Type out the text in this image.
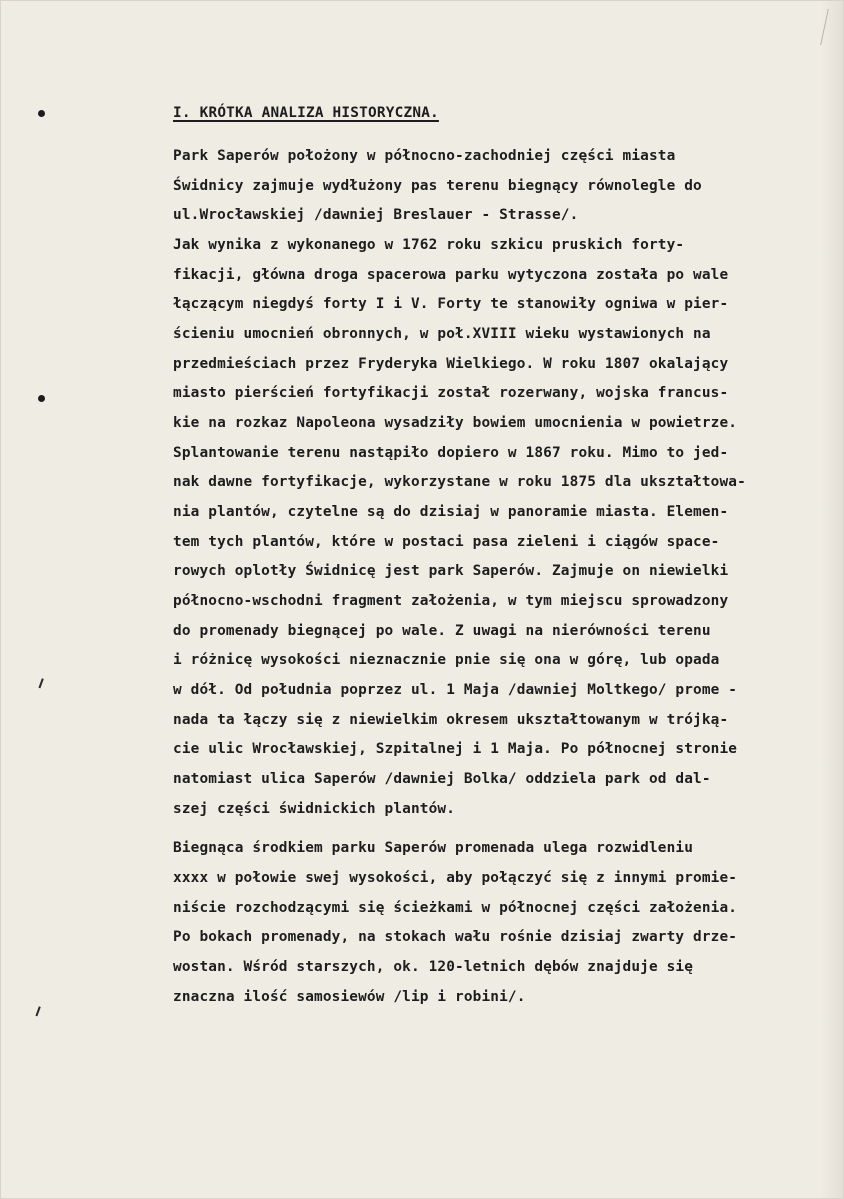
I. KRÓTKA ANALIZA HISTORYCZNA.
Park Saperów położony w północno-zachodniej części miasta
Świdnicy zajmuje wydłużony pas terenu biegnący równolegle do
ul.Wrocławskiej /dawniej Breslauer - Strasse/.
Jak wynika z wykonanego w 1762 roku szkicu pruskich forty-
fikacji, główna droga spacerowa parku wytyczona została po wale
łączącym niegdyś forty I i V. Forty te stanowiły ogniwa w pier-
ścieniu umocnień obronnych, w poł.XVIII wieku wystawionych na
przedmieściach przez Fryderyka Wielkiego. W roku 1807 okalający
miasto pierścień fortyfikacji został rozerwany, wojska francus-
kie na rozkaz Napoleona wysadziły bowiem umocnienia w powietrze.
Splantowanie terenu nastąpiło dopiero w 1867 roku. Mimo to jed-
nak dawne fortyfikacje, wykorzystane w roku 1875 dla ukształtowa-
nia plantów, czytelne są do dzisiaj w panoramie miasta. Elemen-
tem tych plantów, które w postaci pasa zieleni i ciągów space-
rowych oplotły Świdnicę jest park Saperów. Zajmuje on niewielki
północno-wschodni fragment założenia, w tym miejscu sprowadzony
do promenady biegnącej po wale. Z uwagi na nierówności terenu
i różnicę wysokości nieznacznie pnie się ona w górę, lub opada
w dół. Od południa poprzez ul. 1 Maja /dawniej Moltkego/ prome -
nada ta łączy się z niewielkim okresem ukształtowanym w trójką-
cie ulic Wrocławskiej, Szpitalnej i 1 Maja. Po północnej stronie
natomiast ulica Saperów /dawniej Bolka/ oddziela park od dal-
szej części świdnickich plantów.
Biegnąca środkiem parku Saperów promenada ulega rozwidleniu
xxxx w połowie swej wysokości, aby połączyć się z innymi promie-
niście rozchodzącymi się ścieżkami w północnej części założenia.
Po bokach promenady, na stokach wału rośnie dzisiaj zwarty drze-
wostan. Wśród starszych, ok. 120-letnich dębów znajduje się
znaczna ilość samosiewów /lip i robini/.
